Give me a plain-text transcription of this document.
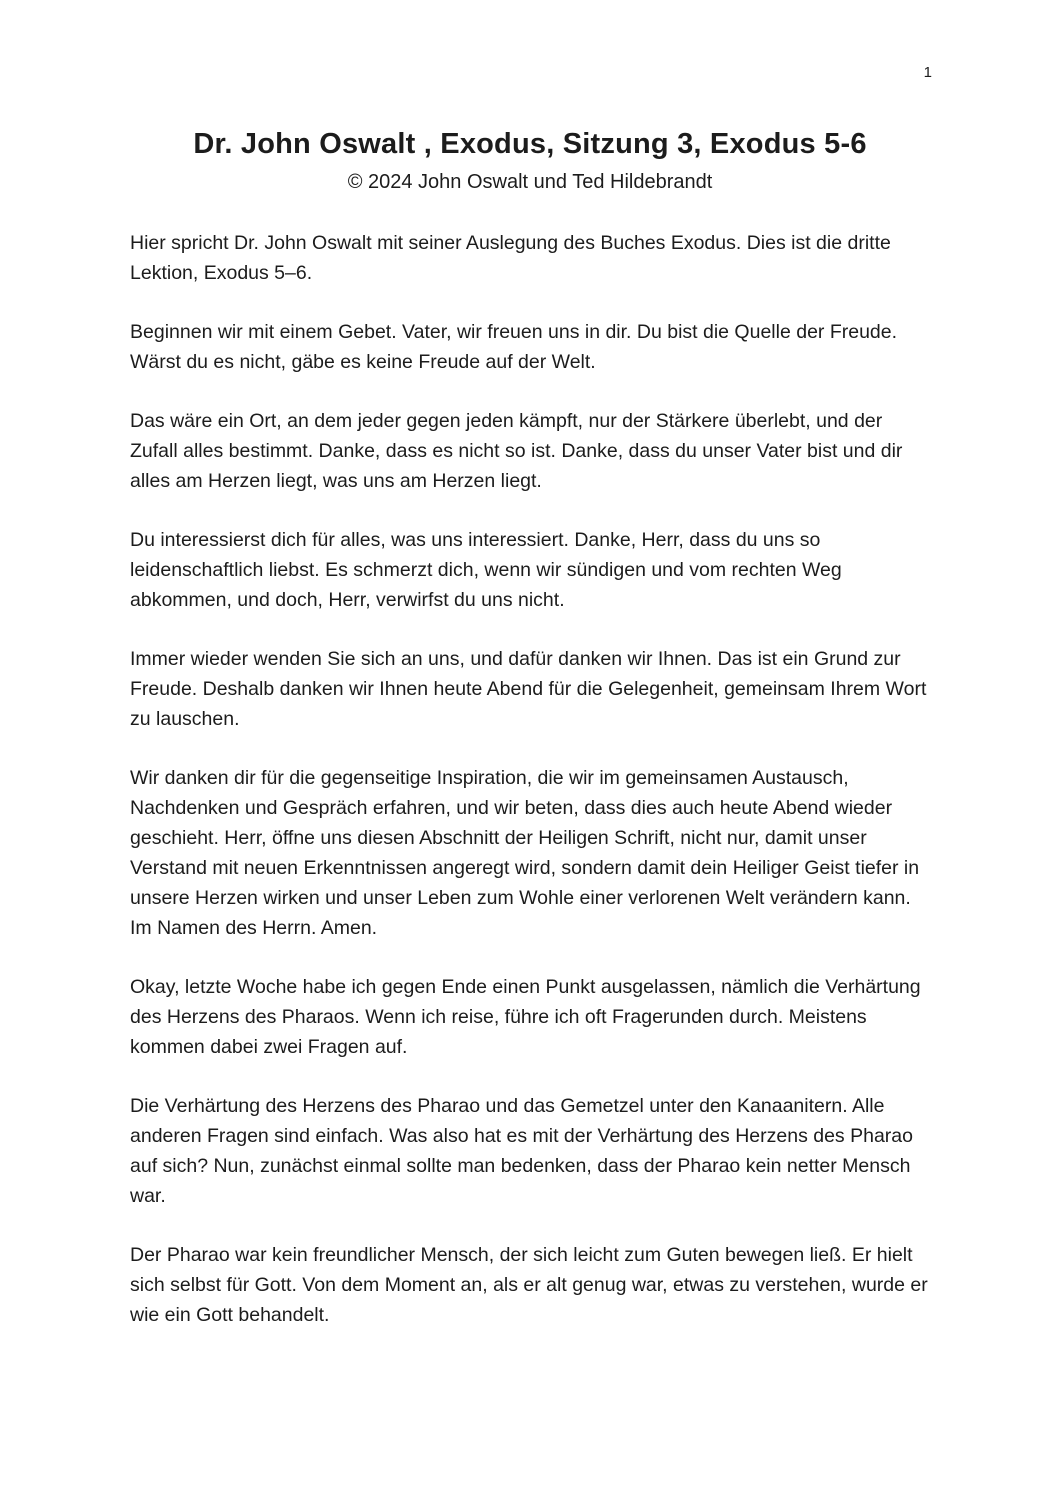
1
Dr. John Oswalt , Exodus, Sitzung 3, Exodus 5-6
© 2024 John Oswalt und Ted Hildebrandt

Hier spricht Dr. John Oswalt mit seiner Auslegung des Buches Exodus. Dies ist die dritte Lektion, Exodus 5–6.

Beginnen wir mit einem Gebet. Vater, wir freuen uns in dir. Du bist die Quelle der Freude. Wärst du es nicht, gäbe es keine Freude auf der Welt.

Das wäre ein Ort, an dem jeder gegen jeden kämpft, nur der Stärkere überlebt, und der Zufall alles bestimmt. Danke, dass es nicht so ist. Danke, dass du unser Vater bist und dir alles am Herzen liegt, was uns am Herzen liegt.

Du interessierst dich für alles, was uns interessiert. Danke, Herr, dass du uns so leidenschaftlich liebst. Es schmerzt dich, wenn wir sündigen und vom rechten Weg abkommen, und doch, Herr, verwirfst du uns nicht.

Immer wieder wenden Sie sich an uns, und dafür danken wir Ihnen. Das ist ein Grund zur Freude. Deshalb danken wir Ihnen heute Abend für die Gelegenheit, gemeinsam Ihrem Wort zu lauschen.

Wir danken dir für die gegenseitige Inspiration, die wir im gemeinsamen Austausch, Nachdenken und Gespräch erfahren, und wir beten, dass dies auch heute Abend wieder geschieht. Herr, öffne uns diesen Abschnitt der Heiligen Schrift, nicht nur, damit unser Verstand mit neuen Erkenntnissen angeregt wird, sondern damit dein Heiliger Geist tiefer in unsere Herzen wirken und unser Leben zum Wohle einer verlorenen Welt verändern kann. Im Namen des Herrn. Amen.

Okay, letzte Woche habe ich gegen Ende einen Punkt ausgelassen, nämlich die Verhärtung des Herzens des Pharaos. Wenn ich reise, führe ich oft Fragerunden durch. Meistens kommen dabei zwei Fragen auf.

Die Verhärtung des Herzens des Pharao und das Gemetzel unter den Kanaanitern. Alle anderen Fragen sind einfach. Was also hat es mit der Verhärtung des Herzens des Pharao auf sich? Nun, zunächst einmal sollte man bedenken, dass der Pharao kein netter Mensch war.

Der Pharao war kein freundlicher Mensch, der sich leicht zum Guten bewegen ließ. Er hielt sich selbst für Gott. Von dem Moment an, als er alt genug war, etwas zu verstehen, wurde er wie ein Gott behandelt.
